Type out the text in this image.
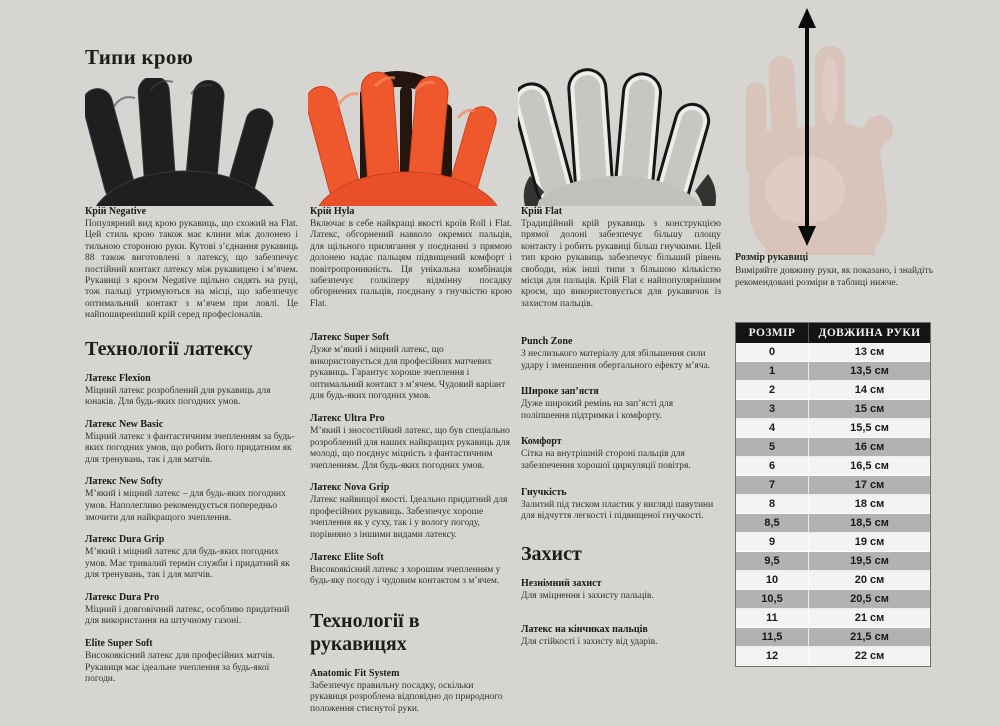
Типи крою
Крій Negative

Популярний вид крою рукавиць, що схожий на Flat. Цей стиль крою також має клини між долонею і тильною стороною руки. Кутові з’єднання рукавиць 88 також виготовлені з латексу, що забезпечує постійний контакт латексу між рукавицею і м’ячем. Рукавиці з кроєм Negative щільно сидять на руці, тож пальці утримуються на місці, що забезпечує оптимальний контакт з м’ячем при ловлі. Це найпоширеніший крій серед професіоналів.

Технології латексу
Латекс Flexion

Міцний латекс розроблений для рукавиць для юнаків. Для будь-яких погодних умов.

Латекс New Basic

Міцний латекс з фантастичним зчепленням за будь-яких погодних умов, що робить його придатним як для тренувань, так і для матчів.

Латекс New Softy

М’який і міцний латекс – для будь-яких погодних умов. Наполегливо рекомендується попередньо змочити для найкращого зчеплення.

Латекс Dura Grip

М’який і міцний латекс для будь-яких погодних умов. Має тривалий термін служби і придатний як для тренувань, так і для матчів.

Латекс Dura Pro

Міцний і довговічний латекс, особливо придатний для використання на штучному газоні.

Elite Super Soft

Високоякісний латекс для професійних матчів. Рукавиця має ідеальне зчеплення за будь-якої погоди.

Крій Hyla

Включає в себе найкращі якості кроїв Roll і Flat. Латекс, обгорнений навколо окремих пальців, для щільного прилягання у поєднанні з прямою долонею надає пальцям підвищений комфорт і повітропроникність. Ця унікальна комбінація забезпечує голкіперу відмінну посадку обгорнених пальців, поєднану з гнучкістю крою Flat.

Латекс Super Soft

Дуже м’який і міцний латекс, що використовується для професійних матчевих рукавиць. Гарантує хороше зчеплення і оптимальний контакт з м’ячем. Чудовий варіант для будь-яких погодних умов.

Латекс Ultra Pro

М’який і зносостійкий латекс, що був спеціально розроблений для наших найкращих рукавиць для молоді, що поєднує міцність з фантастичним зчепленням. Для будь-яких погодних умов.

Латекс Nova Grip

Латекс найвищої якості. Ідеально придатний для професійних рукавиць. Забезпечує хороше зчеплення як у суху, так і у вологу погоду, порівняно з іншими видами латексу.

Латекс Elite Soft

Високоякісний латекс з хорошим зчепленням у будь-яку погоду і чудовим контактом з м’ячем.

Технології в рукавицях
Anatomic Fit System

Забезпечує правильну посадку, оскільки рукавиця розроблена відповідно до природного положення стиснутої руки.

Крій Flat

Традиційний крій рукавиць з конструкцією прямої долоні забезпечує більшу площу контакту і робить рукавиці більш гнучкими. Цей тип крою рукавиць забезпечує більший рівень свободи, ніж інші типи з більшою кількістю місця для пальців. Крій Flat є найпопулярнішим кроєм, що використовується для рукавичок із захистом пальців.

Punch Zone

З неслизького матеріалу для збільшення сили удару і зменшення обертального ефекту м’яча.

Широке зап’ястя

Дуже широкий ремінь на зап’ясті для поліпшення підтримки і комфорту.

Комфорт

Сітка на внутрішній стороні пальців для забезпечення хорошої циркуляції повітря.

Гнучкість

Залитий під тиском пластик у вигляді павутини для відчуття легкості і підвищеної гнучкості.

Захист
Незнімний захист

Для зміцнення і захисту пальців.

Латекс на кінчиках пальців

Для стійкості і захисту від ударів.

Розмір рукавиці

Виміряйте довжину руки, як показано, і знайдіть рекомендовані розміри в таблиці нижче.

РОЗМІР	ДОВЖИНА РУКИ
0	13 см
1	13,5 см
2	14 см
3	15 см
4	15,5 см
5	16 см
6	16,5 см
7	17 см
8	18 см
8,5	18,5 см
9	19 см
9,5	19,5 см
10	20 см
10,5	20,5 см
11	21 см
11,5	21,5 см
12	22 см
